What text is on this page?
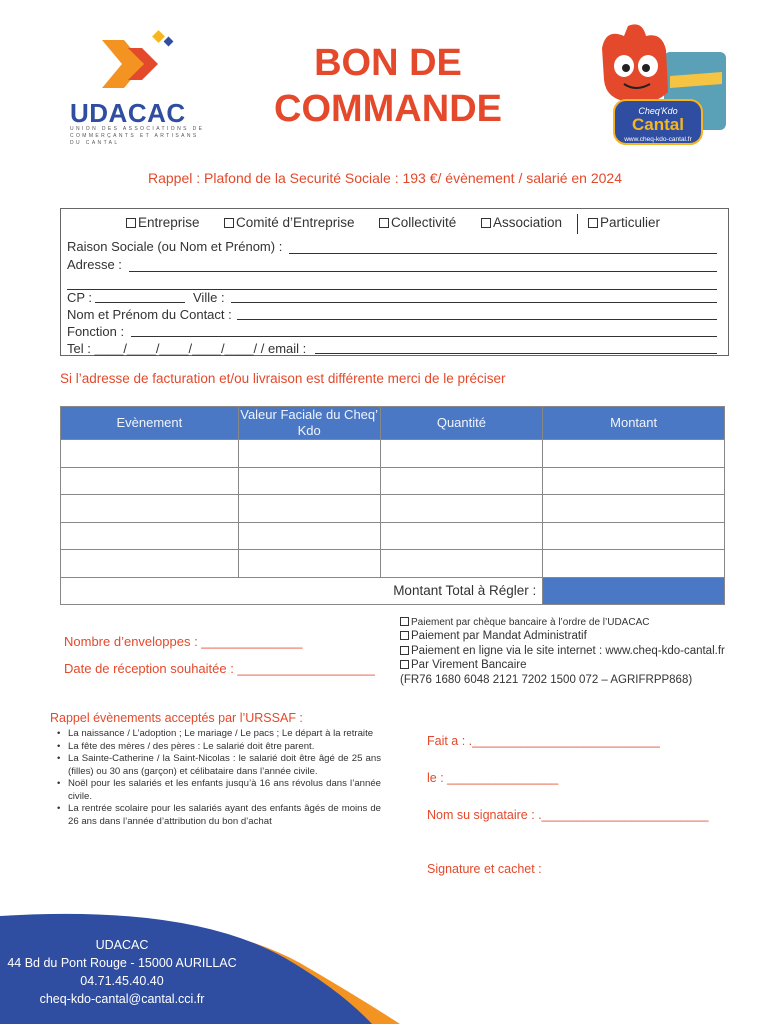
UDACAC
UNION DES ASSOCIATIONS DE COMMERÇANTS ET ARTISANS DU CANTAL
BON DE
COMMANDE	Cheq'Kdo
Cantal
www.cheq-kdo-cantal.fr
Rappel : Plafond de la Securité Sociale : 193 €/ évènement / salarié en 2024
Entreprise	Comité d’Entreprise	Collectivité	Association	Particulier
Raison Sociale (ou Nom et Prénom) :
Adresse :
CP :	Ville :
Nom et Prénom du Contact :
Fonction :
Tel : ____/____/____/____/____/ / email :
Si l’adresse de facturation et/ou livraison est différente merci de le préciser
Evènement	Valeur Faciale du Cheq’ Kdo	Quantité	Montant

Montant Total à Régler :			
Nombre d’enveloppes : ______________
Date de réception souhaitée : ___________________
Paiement par chèque bancaire à l’ordre de l’UDACAC
Paiement par Mandat Administratif
Paiement en ligne via le site internet : www.cheq-kdo-cantal.fr
Par Virement Bancaire
(FR76 1680 6048 2121 7202 1500 072 – AGRIFRPP868)
Rappel évènements acceptés par l’URSSAF :
• La naissance / L’adoption ; Le mariage / Le pacs ; Le départ à la retraite
• La fête des mères / des pères : Le salarié doit être parent.
• La Sainte-Catherine / la Saint-Nicolas : le salarié doit être âgé de 25 ans (filles) ou 30 ans (garçon) et célibataire dans l’année civile.
• Noël pour les salariés et les enfants jusqu’à 16 ans révolus dans l’année civile.
• La rentrée scolaire pour les salariés ayant des enfants âgés de moins de 26 ans dans l’année d’attribution du bon d’achat
Fait a : .___________________________
le : ________________
Nom su signataire : .________________________
Signature et cachet :
UDACAC
44 Bd du Pont Rouge - 15000 AURILLAC
04.71.45.40.40
cheq-kdo-cantal@cantal.cci.fr
